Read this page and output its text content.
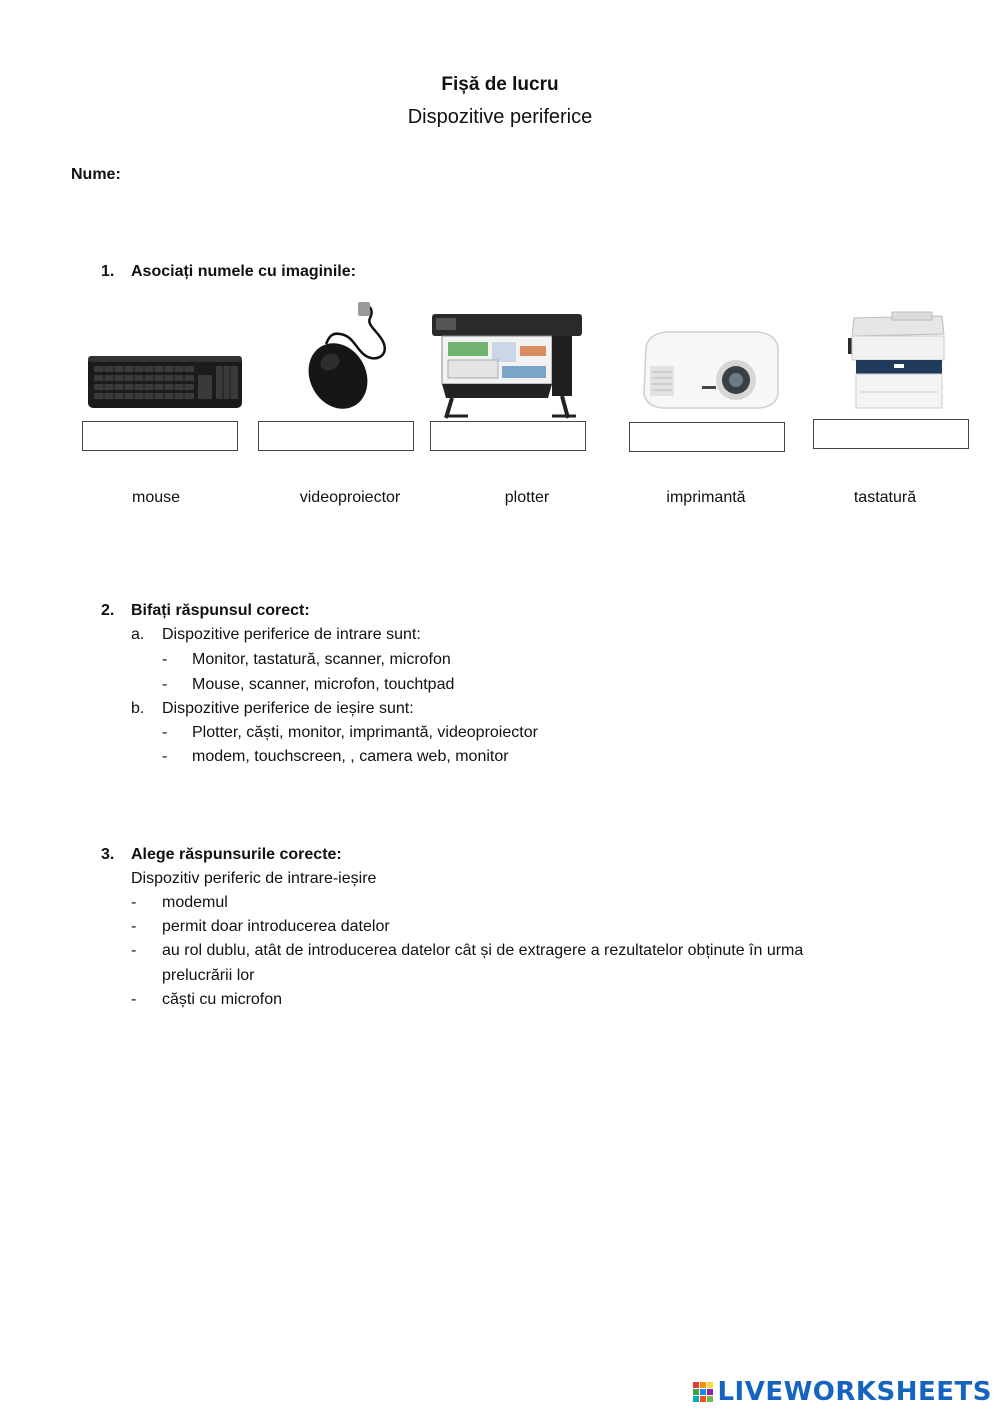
Fișă de lucru
Dispozitive periferice
Nume:
1. Asociați numele cu imaginile:
mouse	videoproiector	plotter	imprimantă	tastatură
2. Bifați răspunsul corect:
a. Dispozitive periferice de intrare sunt:
- Monitor, tastatură, scanner, microfon
- Mouse, scanner, microfon, touchtpad
b. Dispozitive periferice de ieșire sunt:
- Plotter, căști, monitor, imprimantă, videoproiector
- modem, touchscreen, , camera web, monitor
3. Alege răspunsurile corecte:
Dispozitiv periferic de intrare-ieșire
- modemul
- permit doar introducerea datelor
- au rol dublu, atât de introducerea datelor cât și de extragere a rezultatelor obținute în urma
prelucrării lor
- căști cu microfon
LIVEWORKSHEETS
